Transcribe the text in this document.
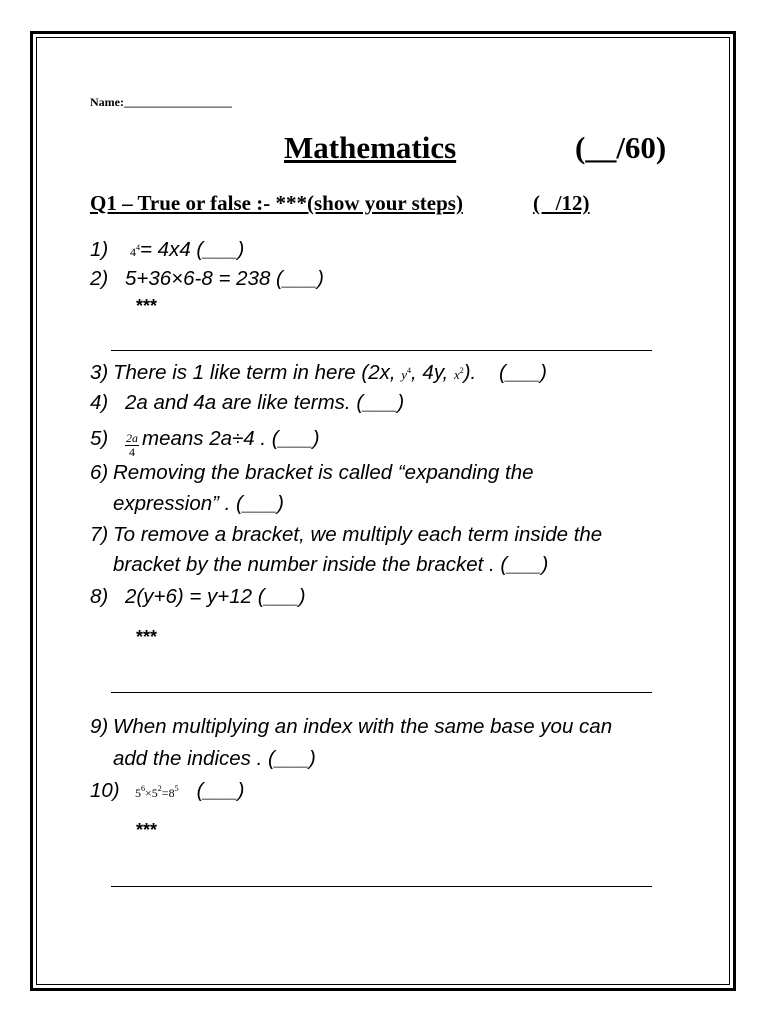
Name:__________________
Mathematics	(__/60)
Q1 – True or false :- ***(show your steps)	(   /12)
1) $4^4= 4x4$ (___)
2) 5+36×6-8 = 238 (___)
***
3) There is 1 like term in here (2x, $y^4$, 4y, $x^2$).    (___)
4) 2a and 4a are like terms. (___)
$5) \frac{2a}{4}$ means 2a÷4 . (___)
6) Removing the bracket is called “expanding the
expression” . (___)
7) To remove a bracket, we multiply each term inside the
bracket by the number inside the bracket . (___)
8) 2(y+6) = y+12 (___)
***
9) When multiplying an index with the same base you can
add the indices . (___)
10) $5^6\times 5^2=8^5$ (___)
***
